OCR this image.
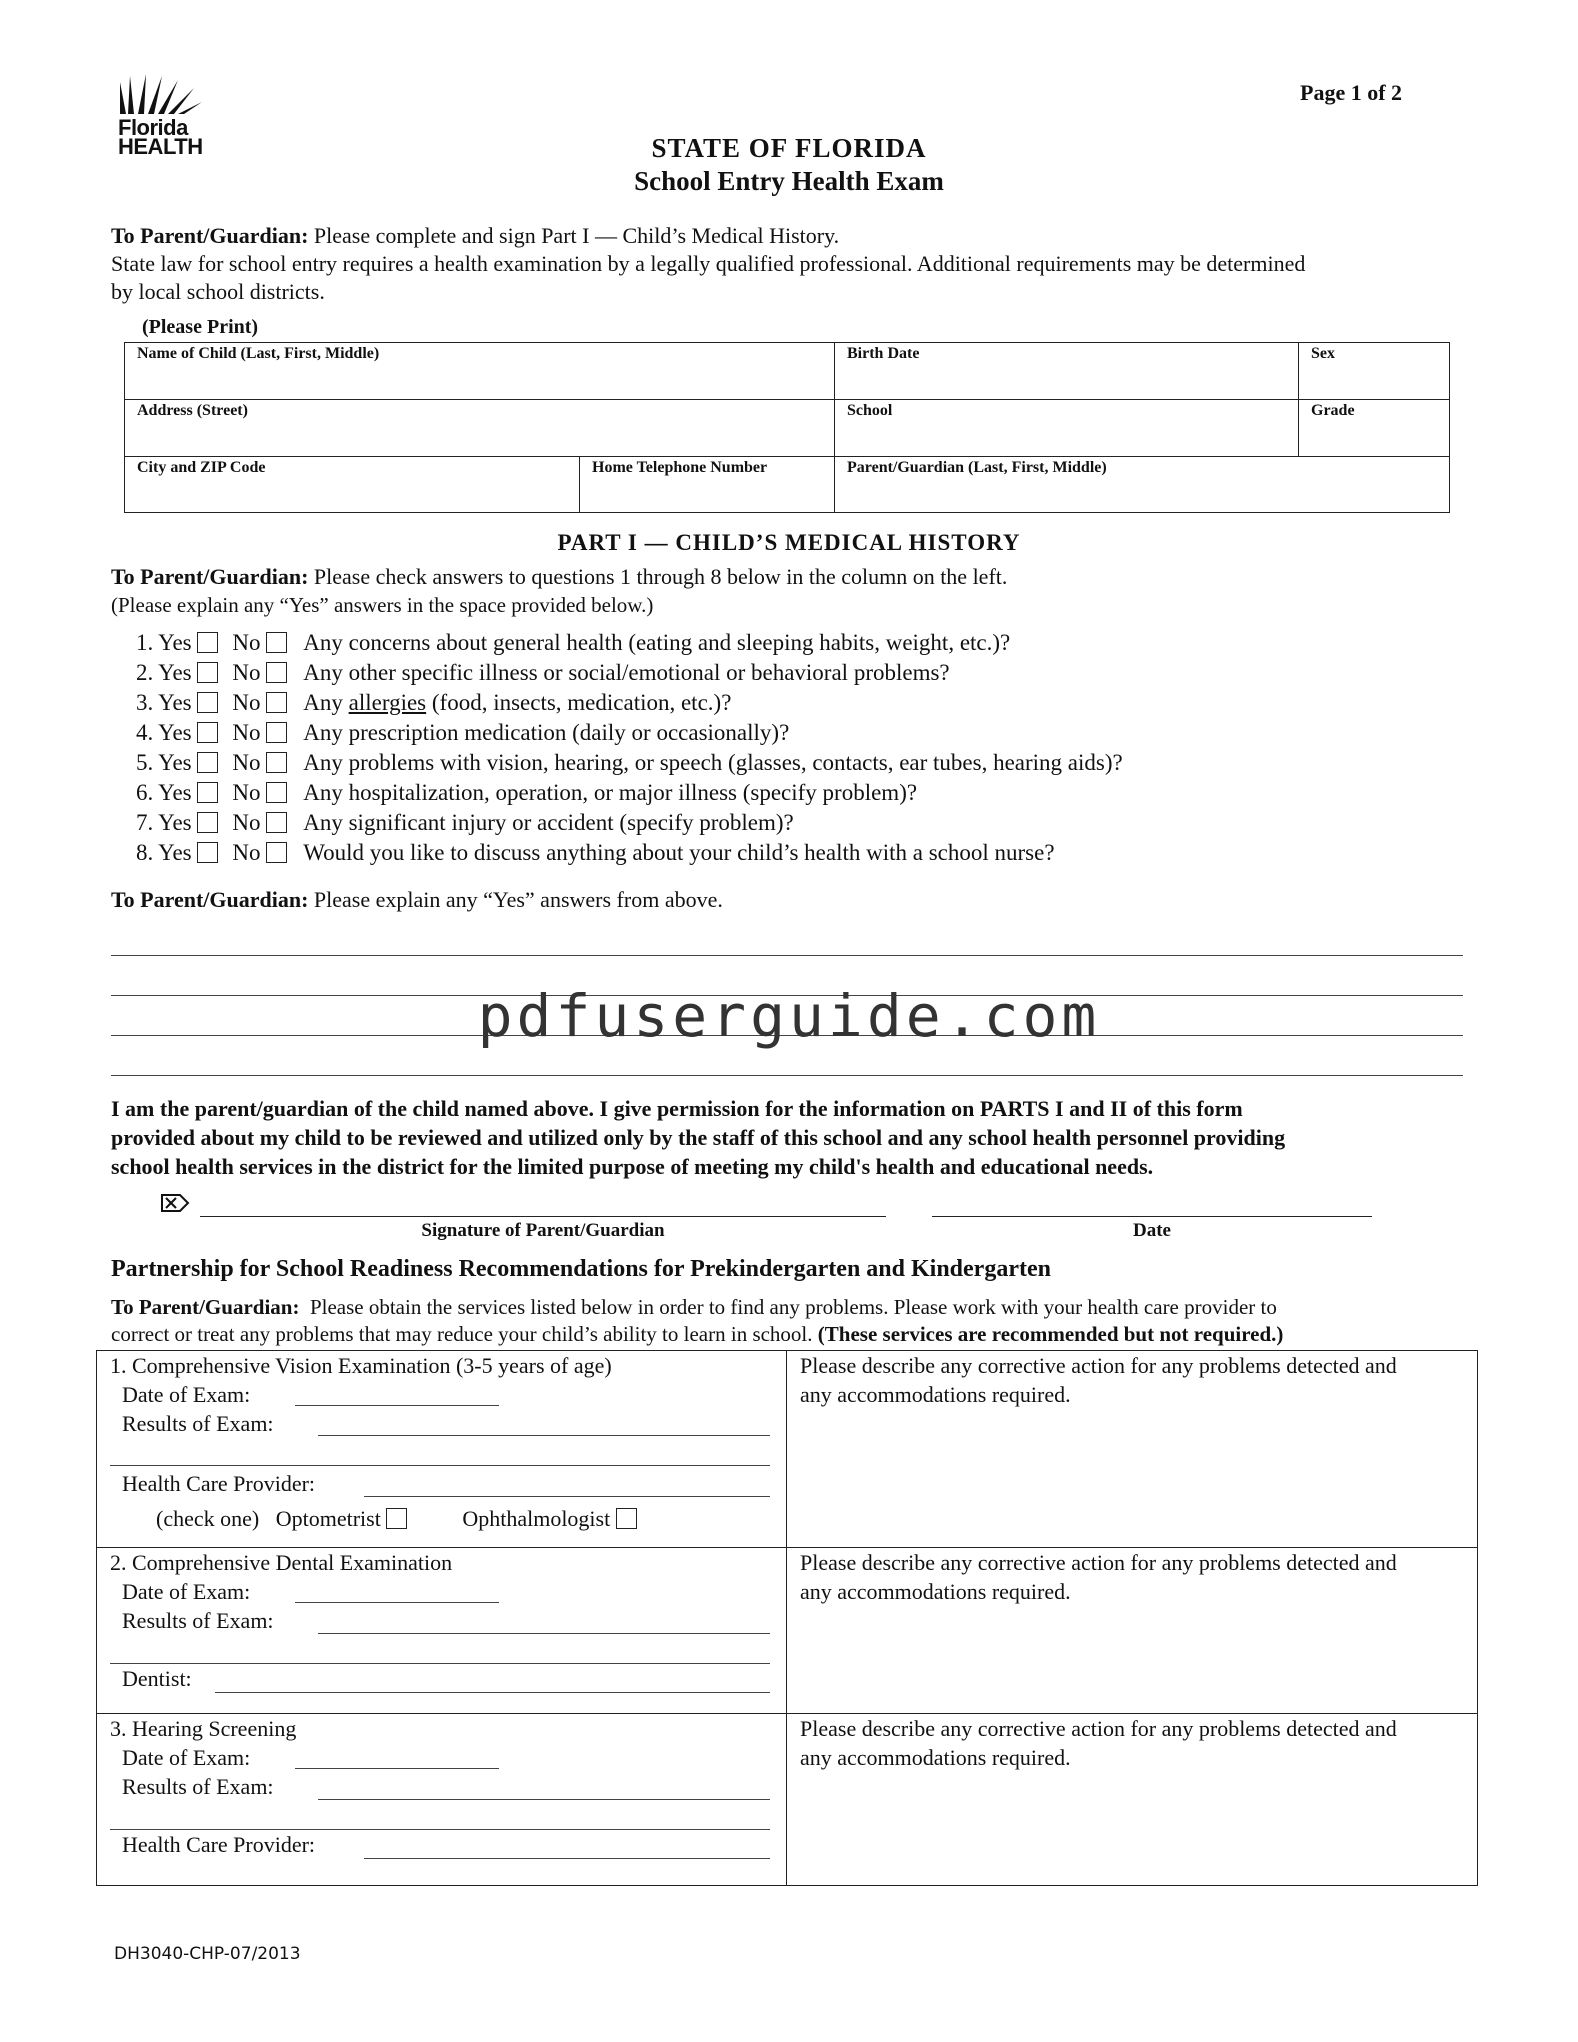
Florida
HEALTH
Page 1 of 2
STATE OF FLORIDA
School Entry Health Exam
To Parent/Guardian: Please complete and sign Part I — Child’s Medical History.
State law for school entry requires a health examination by a legally qualified professional. Additional requirements may be determined
by local school districts.
(Please Print)
Name of Child (Last, First, Middle)	Birth Date	Sex
Address (Street)	School	Grade
City and ZIP Code	Home Telephone Number	Parent/Guardian (Last, First, Middle)
PART I — CHILD’S MEDICAL HISTORY
To Parent/Guardian: Please check answers to questions 1 through 8 below in the column on the left.
(Please explain any “Yes” answers in the space provided below.)
1. Yes No Any concerns about general health (eating and sleeping habits, weight, etc.)?
2. Yes No Any other specific illness or social/emotional or behavioral problems?
3. Yes No Any allergies (food, insects, medication, etc.)?
4. Yes No Any prescription medication (daily or occasionally)?
5. Yes No Any problems with vision, hearing, or speech (glasses, contacts, ear tubes, hearing aids)?
6. Yes No Any hospitalization, operation, or major illness (specify problem)?
7. Yes No Any significant injury or accident (specify problem)?
8. Yes No Would you like to discuss anything about your child’s health with a school nurse?
To Parent/Guardian: Please explain any “Yes” answers from above.
pdfuserguide.com
I am the parent/guardian of the child named above. I give permission for the information on PARTS I and II of this form
provided about my child to be reviewed and utilized only by the staff of this school and any school health personnel providing
school health services in the district for the limited purpose of meeting my child's health and educational needs.
Signature of Parent/Guardian	Date
Partnership for School Readiness Recommendations for Prekindergarten and Kindergarten
To Parent/Guardian: Please obtain the services listed below in order to find any problems. Please work with your health care provider to
correct or treat any problems that may reduce your child’s ability to learn in school. (These services are recommended but not required.)
1. Comprehensive Vision Examination (3-5 years of age)
Date of Exam:
Results of Exam:
Health Care Provider:
(check one) Optometrist	Ophthalmologist
Please describe any corrective action for any problems detected and
any accommodations required.
2. Comprehensive Dental Examination
Date of Exam:
Results of Exam:
Dentist:
Please describe any corrective action for any problems detected and
any accommodations required.
3. Hearing Screening
Date of Exam:
Results of Exam:
Health Care Provider:
Please describe any corrective action for any problems detected and
any accommodations required.
DH3040-CHP-07/2013
